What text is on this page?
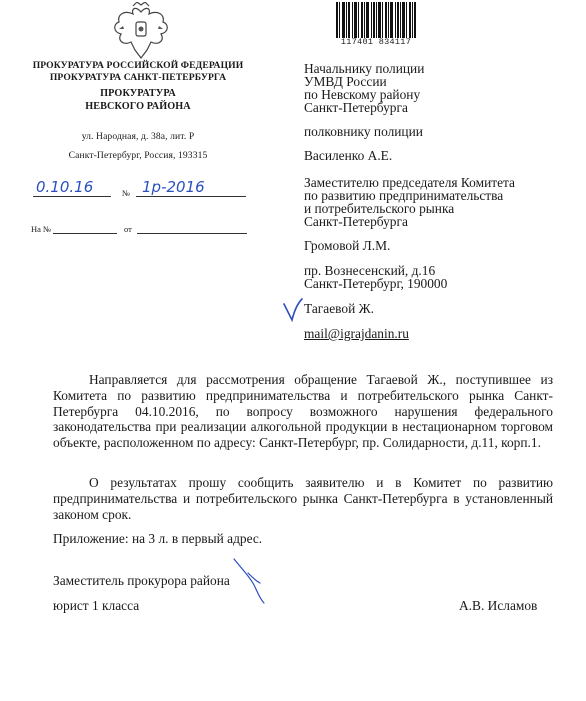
ПРОКУРАТУРА РОССИЙСКОЙ ФЕДЕРАЦИИ
ПРОКУРАТУРА САНКТ-ПЕТЕРБУРГА
ПРОКУРАТУРА
НЕВСКОГО РАЙОНА
ул. Народная, д. 38а, лит. Р
Санкт-Петербург, Россия, 193315
0.10.16	№ 1р-2016
На №	от
117401 834117
Начальнику полиции
УМВД России
по Невскому району
Санкт-Петербурга
полковнику полиции
Василенко А.Е.
Заместителю председателя Комитета
по развитию предпринимательства
и потребительского рынка
Санкт-Петербурга
Громовой Л.М.
пр. Вознесенский, д.16
Санкт-Петербург, 190000
Тагаевой Ж.
mail@igrajdanin.ru
Направляется для рассмотрения обращение Тагаевой Ж., поступившее из Комитета по развитию предпринимательства и потребительского рынка Санкт-Петербурга 04.10.2016, по вопросу возможного нарушения федерального законодательства при реализации алкогольной продукции в нестационарном торговом объекте, расположенном по адресу: Санкт-Петербург, пр. Солидарности, д.11, корп.1.
О результатах прошу сообщить заявителю и в Комитет по развитию предпринимательства и потребительского рынка Санкт-Петербурга в установленный законом срок.
Приложение: на 3 л. в первый адрес.
Заместитель прокурора района
юрист 1 класса	А.В. Исламов
